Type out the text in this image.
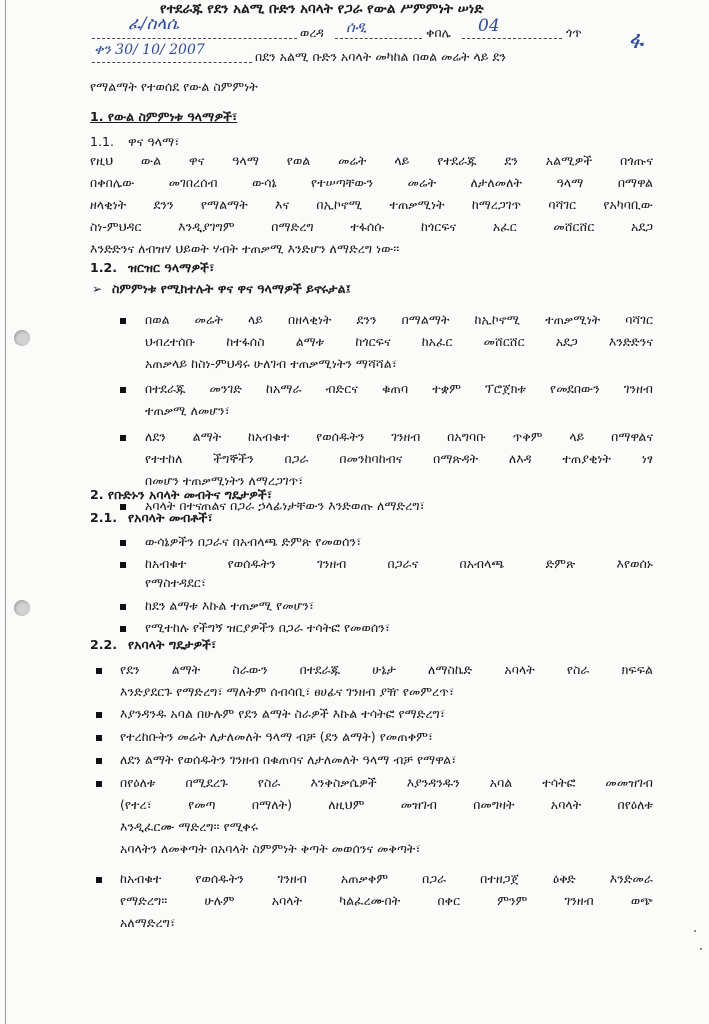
የተደራጁ የደን አልሚ ቡድን አባላት የጋራ የውል ሥምምነት ሠነድ
ፈ/ስላሴ	ወረዳ ሰዲ	ቀበሌ 04	ጎጥ ፋ
ቀን 30/ 10/ 2007	በደን አልሚ ቡድን አባላት መካከል በወል መሬት ላይ ደን
የማልማት የተወሰደ የውል ስምምነት
1. የውል ስምምነቱ ዓላማዎች፣
1.1. ዋና ዓላማ፣
የዚህ ውል ዋና ዓላማ የወል መሬት ላይ የተደራጁ ደን አልሚዎች በጎጡና
በቀበሌው መገበረሰብ ውሳኔ የተሠጣቸውን መሬት ለታለመለት ዓላማ በማዋል
ዘላቂነት ደንን የማልማት እና በኢኮኖሚ ተጠቃሚነት ከማረጋገጥ ባሻገር የአካባቢው
ስነ-ምህዳር እንዲያገግም በማድረግ ተፋሰሱ ከጎርፍና አፈር መሸርሸር አደጋ
እንድድንና ለብዝሃ ህይወት ሃብት ተጠቃሚ እንድሆን ለማድረግ ነው፡፡
1.2. ዝርዝር ዓላማዎች፣
➢ ስምምነቱ የሚከተሉት ዋና ዋና ዓላማዎች ይኖሩታል፤
በወል መሬት ላይ በዘላቂነት ደንን በማልማት ከኢኮኖሚ ተጠቃሚነት ባሻገር
ህብረተሰቡ ከተፋሰስ ልማቱ ከጎርፍና ከአፈር መሸርሸር አደጋ እንድድንና
አጠቃላይ ከስነ-ምህዳሩ ሁለገብ ተጠቃሚነትን ማሻሻል፣
በተደራጁ መንገድ ከአማራ ብድርና ቁጠባ ተቋም ፕሮጀክቱ የመደበውን ገንዘብ
ተጠቃሚ ለመሆን፣
ለደን ልማት ከአብቁተ የወሰዱትን ገንዘብ በአግባቡ ጥቅም ላይ በማዋልና
የተተከለ ችግኞችን በጋራ በመንከባከብና በማጽዳት ለእዳ ተጠያቂነት ነፃ
በመሆን ተጠቃሚነትን ለማረጋገጥ፣
አባላት በተናጠልና በጋራ ኃላፊነታቸውን እንድወጡ ለማድረግ፣
2. የቡድኑን አባላት መብትና ግዴታዎች፣
2.1. የአባላት መብቶች፣
ውሳኔዎችን በጋራና በአብላጫ ድምጽ የመወሰን፣
ከአብቁተ የወሰዱትን ገንዘብ በጋራና በአብላጫ ድምጽ እየወሰኑ
የማስተዳደር፣
ከደን ልማቱ እኩል ተጠቃሚ የመሆን፣
የሚተከሉ የችግኝ ዝርያዎችን በጋራ ተሳትፎ የመወሰን፣
2.2. የአባላት ግዴታዎች፣
የደን ልማት ስራውን በተደራጁ ሁኔታ ለማስኬድ አባላት የስራ ክፍፍል
እንድያደርጉ የማድረግ፣ ማለትም ሰብሳቢ፣ ፀሀፊና ገንዘብ ያዥ የመምረጥ፣
እያንዳንዱ አባል በሁሉም የደን ልማት ስራዎች እኩል ተሳትፎ የማድረግ፣
የተረከቡትን መሬት ለታለመለት ዓላማ ብቻ (ደን ልማት) የመጠቀም፣
ለደን ልማት የወሰዱትን ገንዘብ በቁጠባና ለታለመለት ዓላማ ብቻ የማዋል፣
በየዕለቱ በሚደረጉ የስራ እንቅስቃሴዎች እያንዳንዱን አባል ተሳትፎ መመዝገብ
(የተረ፣ የመጣ በማለት) ለዚህም መዝገብ በመግዛት አባላት በየዕለቱ
እንዲፈርሙ ማድረግ፡፡ የሚቀሩ
አባላትን ለመቅጣት በአባላት ስምምነት ቅጣት መወሰንና መቅጣት፣
ከአብቁተ የወሰዱትን ገንዘብ አጠቃቀም በጋራ በተዘጋጀ ዕቅድ እንድመራ
የማድረግ፡፡ ሁሉም አባላት ካልፈረሙበት በቀር ምንም ገንዘብ ወጭ
አለማድረግ፣
